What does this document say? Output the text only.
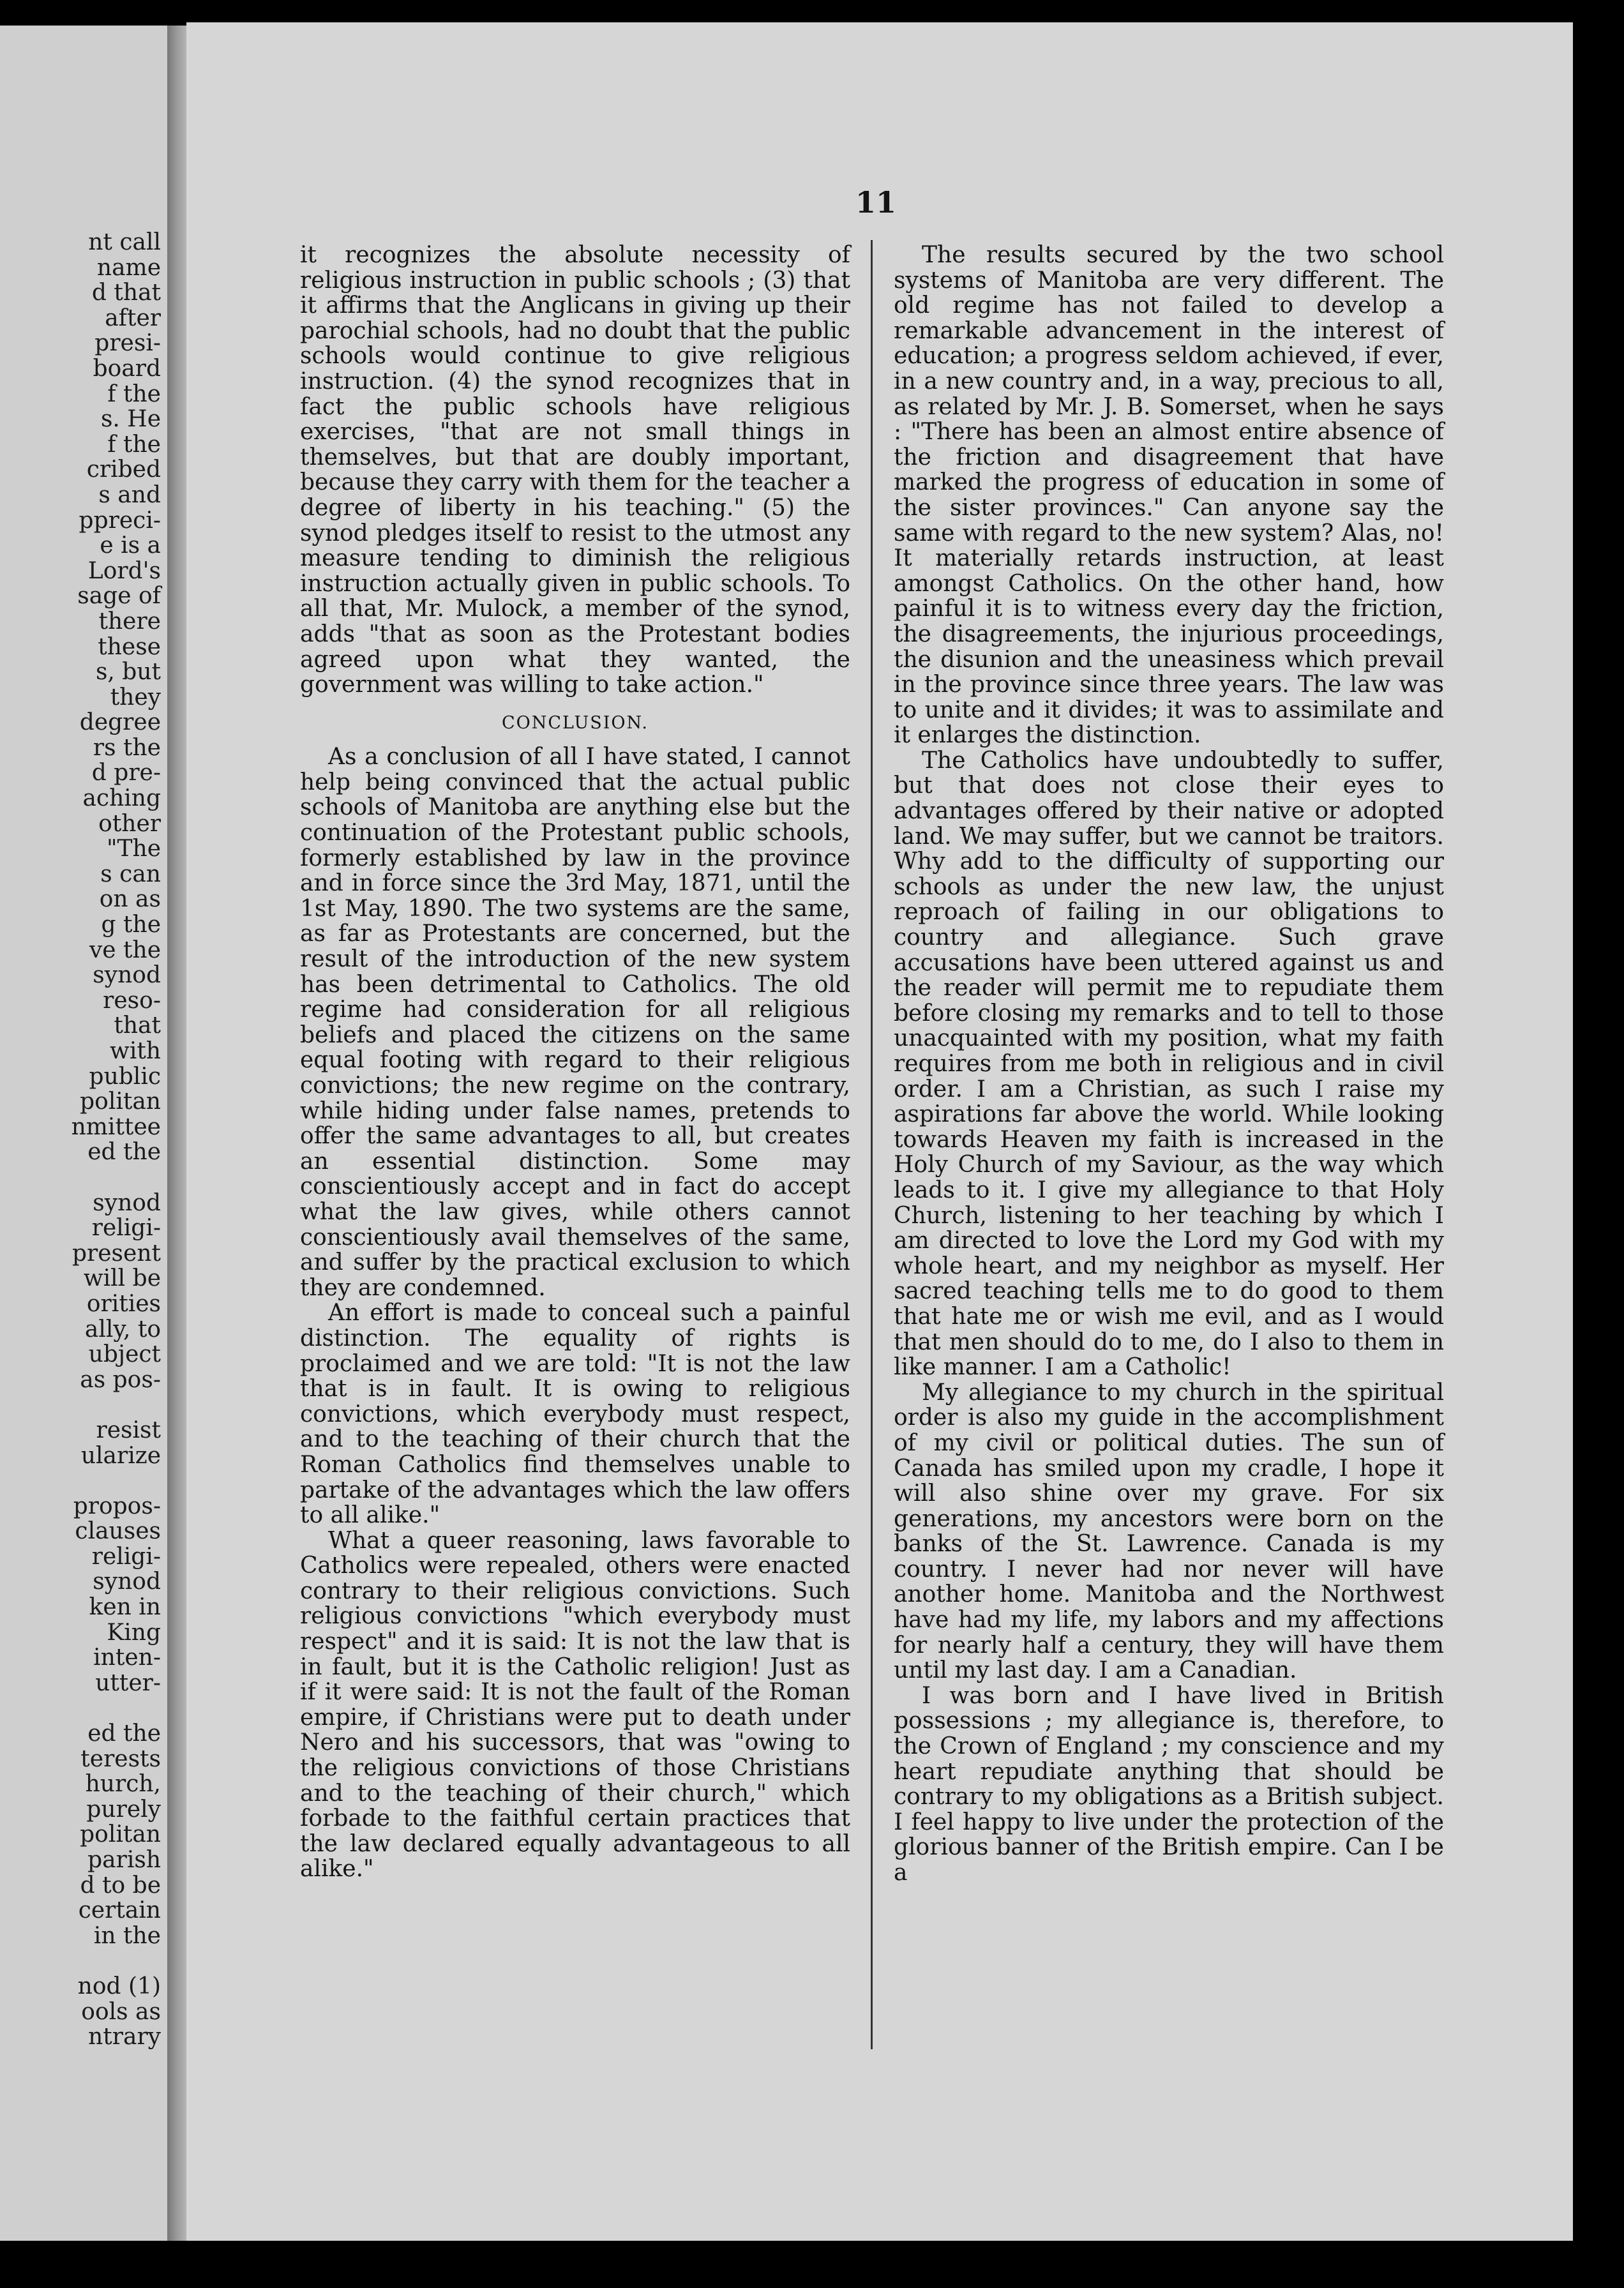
nt call
name
d that
after
presi-
board
f the
s. He
f the
cribed
s and
ppreci-
e is a
Lord's
sage of
there
these
s, but
they
degree
rs the
d pre-
aching
other
"The
s can
on as
g the
ve the
synod
reso-
that
with
public
politan
nmittee
ed the

synod
religi-
present
will be
orities
ally, to
ubject
as pos-

resist
ularize

propos-
clauses
religi-
synod
ken in
King
inten-
utter-

ed the
terests
hurch,
purely
politan
parish
d to be
certain
in the

nod (1)
ools as
ntrary
11

it recognizes the absolute necessity of religious instruction in public schools ; (3) that it affirms that the Anglicans in giving up their parochial schools, had no doubt that the public schools would continue to give religious instruction. (4) the synod recognizes that in fact the public schools have religious exercises, "that are not small things in themselves, but that are doubly important, because they carry with them for the teacher a degree of liberty in his teaching." (5) the synod pledges itself to resist to the utmost any measure tending to diminish the religious instruction actually given in public schools. To all that, Mr. Mulock, a member of the synod, adds "that as soon as the Protestant bodies agreed upon what they wanted, the government was willing to take action."

CONCLUSION.

As a conclusion of all I have stated, I cannot help being convinced that the actual public schools of Manitoba are anything else but the continuation of the Protestant public schools, formerly established by law in the province and in force since the 3rd May, 1871, until the 1st May, 1890. The two systems are the same, as far as Protestants are concerned, but the result of the introduction of the new system has been detrimental to Catholics. The old regime had consideration for all religious beliefs and placed the citizens on the same equal footing with regard to their religious convictions; the new regime on the contrary, while hiding under false names, pretends to offer the same advantages to all, but creates an essential distinction. Some may conscientiously accept and in fact do accept what the law gives, while others cannot conscientiously avail themselves of the same, and suffer by the practical exclusion to which they are condemned.

An effort is made to conceal such a painful distinction. The equality of rights is proclaimed and we are told: "It is not the law that is in fault. It is owing to religious convictions, which everybody must respect, and to the teaching of their church that the Roman Catholics find themselves unable to partake of the advantages which the law offers to all alike."

What a queer reasoning, laws favorable to Catholics were repealed, others were enacted contrary to their religious convictions. Such religious convictions "which everybody must respect" and it is said: It is not the law that is in fault, but it is the Catholic religion! Just as if it were said: It is not the fault of the Roman empire, if Christians were put to death under Nero and his successors, that was "owing to the religious convictions of those Christians and to the teaching of their church," which forbade to the faithful certain practices that the law declared equally advantageous to all alike."

The results secured by the two school systems of Manitoba are very different. The old regime has not failed to develop a remarkable advancement in the interest of education; a progress seldom achieved, if ever, in a new country and, in a way, precious to all, as related by Mr. J. B. Somerset, when he says : "There has been an almost entire absence of the friction and disagreement that have marked the progress of education in some of the sister provinces." Can anyone say the same with regard to the new system? Alas, no! It materially retards instruction, at least amongst Catholics. On the other hand, how painful it is to witness every day the friction, the disagreements, the injurious proceedings, the disunion and the uneasiness which prevail in the province since three years. The law was to unite and it divides; it was to assimilate and it enlarges the distinction.

The Catholics have undoubtedly to suffer, but that does not close their eyes to advantages offered by their native or adopted land. We may suffer, but we cannot be traitors. Why add to the difficulty of supporting our schools as under the new law, the unjust reproach of failing in our obligations to country and allegiance. Such grave accusations have been uttered against us and the reader will permit me to repudiate them before closing my remarks and to tell to those unacquainted with my position, what my faith requires from me both in religious and in civil order. I am a Christian, as such I raise my aspirations far above the world. While looking towards Heaven my faith is increased in the Holy Church of my Saviour, as the way which leads to it. I give my allegiance to that Holy Church, listening to her teaching by which I am directed to love the Lord my God with my whole heart, and my neighbor as myself. Her sacred teaching tells me to do good to them that hate me or wish me evil, and as I would that men should do to me, do I also to them in like manner. I am a Catholic!

My allegiance to my church in the spiritual order is also my guide in the accomplishment of my civil or political duties. The sun of Canada has smiled upon my cradle, I hope it will also shine over my grave. For six generations, my ancestors were born on the banks of the St. Lawrence. Canada is my country. I never had nor never will have another home. Manitoba and the Northwest have had my life, my labors and my affections for nearly half a century, they will have them until my last day. I am a Canadian.

I was born and I have lived in British possessions ; my allegiance is, therefore, to the Crown of England ; my conscience and my heart repudiate anything that should be contrary to my obligations as a British subject. I feel happy to live under the protection of the glorious banner of the British empire. Can I be a
